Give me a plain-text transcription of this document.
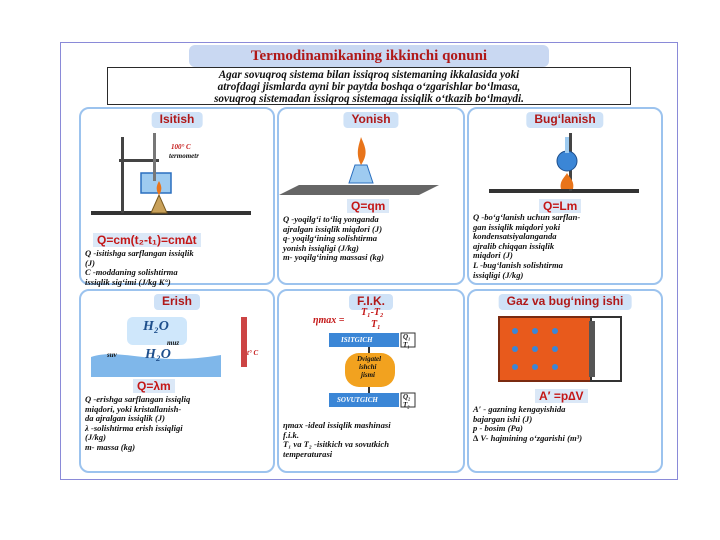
Termodinamikaning ikkinchi qonuni
Agar sovuqroq sistema bilan issiqroq sistemaning ikkalasida yoki
atrofdagi jismlarda ayni bir paytda boshqa o‘zgarishlar bo‘lmasa,
sovuqroq sistemadan issiqroq sistemaga issiqlik o‘tkazib bo‘lmaydi.
Isitish
100° C
termometr
Q=cm(t₂-t₁)=cm∆t
Q -isitishga sarflangan issiqlik
(J)
C -moddaning solishtirma
issiqlik sig‘imi (J/kg K°)
Yonish
Q=qm
Q -yoqilg‘i to‘liq yonganda
ajralgan issiqlik miqdori (J)
q- yoqilg‘ining solishtirma
yonish issiqligi (J/kg)
m- yoqilg‘ining massasi (kg)
Bug‘lanish
Q=Lm
Q -bo‘g‘lanish uchun sarflan-
gan issiqlik miqdori yoki
kondensatsiyalanganda
ajralib chiqqan issiqlik
miqdori (J)
L -bug‘lanish solishtirma
issiqligi (J/kg)
Erish
H₂O
muz
suv H₂O	t° C
Q=λm
Q -erishga sarflangan issiqliq
miqdori, yoki kristallanish-
da ajralgan issiqlik (J)
λ -solishtirma erish issiqligi
(J/kg)
m- massa (kg)
F.I.K.
ηmax =
T₁-T₂
T₁
ISITGICH	Q₁
T₁
Dvigatel
ishchi
jismi
SOVUTGICH	Q₂
T₂
ηmax -ideal issiqlik mashinasi
f.i.k.
T₁ va T₂ -isitkich va sovutkich
temperaturasi
Gaz va bug‘ning ishi
A′ =p∆V
A′ - gazning kengayishida
bajargan ishi (J)
p - bosim (Pa)
∆ V- hajmining o‘zgarishi (m³)
